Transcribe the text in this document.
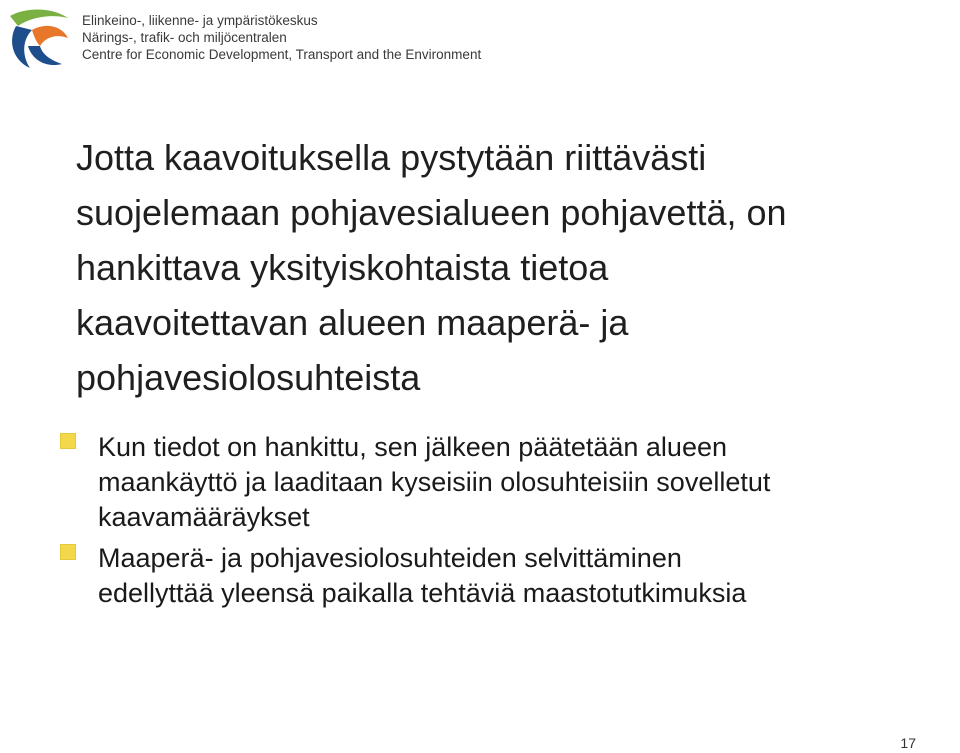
Elinkeino-, liikenne- ja ympäristökeskus
Närings-, trafik- och miljöcentralen
Centre for Economic Development, Transport and the Environment

Jotta kaavoituksella pystytään riittävästi

suojelemaan pohjavesialueen pohjavettä, on

hankittava yksityiskohtaista tietoa

kaavoitettavan alueen maaperä- ja

pohjavesiolosuhteista

Kun tiedot on hankittu, sen jälkeen päätetään alueen
maankäyttö ja laaditaan kyseisiin olosuhteisiin sovelletut
kaavamääräykset
Maaperä- ja pohjavesiolosuhteiden selvittäminen
edellyttää yleensä paikalla tehtäviä maastotutkimuksia
17
